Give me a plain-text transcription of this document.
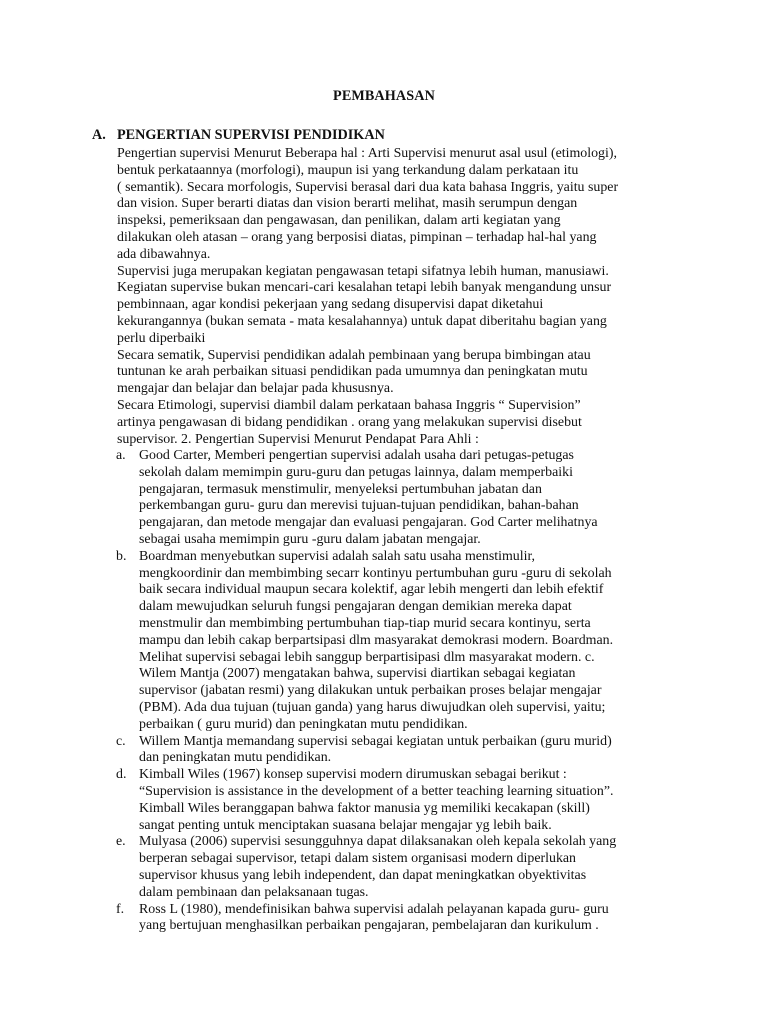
PEMBAHASAN
A. PENGERTIAN SUPERVISI PENDIDIKAN
Pengertian supervisi Menurut Beberapa hal : Arti Supervisi menurut asal usul (etimologi),
bentuk perkataannya (morfologi), maupun isi yang terkandung dalam perkataan itu
( semantik). Secara morfologis, Supervisi berasal dari dua kata bahasa Inggris, yaitu super
dan vision. Super berarti diatas dan vision berarti melihat, masih serumpun dengan
inspeksi, pemeriksaan dan pengawasan, dan penilikan, dalam arti kegiatan yang
dilakukan oleh atasan – orang yang berposisi diatas, pimpinan – terhadap hal-hal yang
ada dibawahnya.
Supervisi juga merupakan kegiatan pengawasan tetapi sifatnya lebih human, manusiawi.
Kegiatan supervise bukan mencari-cari kesalahan tetapi lebih banyak mengandung unsur
pembinnaan, agar kondisi pekerjaan yang sedang disupervisi dapat diketahui
kekurangannya (bukan semata - mata kesalahannya) untuk dapat diberitahu bagian yang
perlu diperbaiki
Secara sematik, Supervisi pendidikan adalah pembinaan yang berupa bimbingan atau
tuntunan ke arah perbaikan situasi pendidikan pada umumnya dan peningkatan mutu
mengajar dan belajar dan belajar pada khususnya.
Secara Etimologi, supervisi diambil dalam perkataan bahasa Inggris “ Supervision”
artinya pengawasan di bidang pendidikan . orang yang melakukan supervisi disebut
supervisor. 2. Pengertian Supervisi Menurut Pendapat Para Ahli :
a. Good Carter, Memberi pengertian supervisi adalah usaha dari petugas-petugas
sekolah dalam memimpin guru-guru dan petugas lainnya, dalam memperbaiki
pengajaran, termasuk menstimulir, menyeleksi pertumbuhan jabatan dan
perkembangan guru- guru dan merevisi tujuan-tujuan pendidikan, bahan-bahan
pengajaran, dan metode mengajar dan evaluasi pengajaran. God Carter melihatnya
sebagai usaha memimpin guru -guru dalam jabatan mengajar.
b. Boardman menyebutkan supervisi adalah salah satu usaha menstimulir,
mengkoordinir dan membimbing secarr kontinyu pertumbuhan guru -guru di sekolah
baik secara individual maupun secara kolektif, agar lebih mengerti dan lebih efektif
dalam mewujudkan seluruh fungsi pengajaran dengan demikian mereka dapat
menstmulir dan membimbing pertumbuhan tiap-tiap murid secara kontinyu, serta
mampu dan lebih cakap berpartsipasi dlm masyarakat demokrasi modern. Boardman.
Melihat supervisi sebagai lebih sanggup berpartisipasi dlm masyarakat modern. c.
Wilem Mantja (2007) mengatakan bahwa, supervisi diartikan sebagai kegiatan
supervisor (jabatan resmi) yang dilakukan untuk perbaikan proses belajar mengajar
(PBM). Ada dua tujuan (tujuan ganda) yang harus diwujudkan oleh supervisi, yaitu;
perbaikan ( guru murid) dan peningkatan mutu pendidikan.
c. Willem Mantja memandang supervisi sebagai kegiatan untuk perbaikan (guru murid)
dan peningkatan mutu pendidikan.
d. Kimball Wiles (1967) konsep supervisi modern dirumuskan sebagai berikut :
“Supervision is assistance in the development of a better teaching learning situation”.
Kimball Wiles beranggapan bahwa faktor manusia yg memiliki kecakapan (skill)
sangat penting untuk menciptakan suasana belajar mengajar yg lebih baik.
e. Mulyasa (2006) supervisi sesungguhnya dapat dilaksanakan oleh kepala sekolah yang
berperan sebagai supervisor, tetapi dalam sistem organisasi modern diperlukan
supervisor khusus yang lebih independent, dan dapat meningkatkan obyektivitas
dalam pembinaan dan pelaksanaan tugas.
f. Ross L (1980), mendefinisikan bahwa supervisi adalah pelayanan kapada guru- guru
yang bertujuan menghasilkan perbaikan pengajaran, pembelajaran dan kurikulum .
